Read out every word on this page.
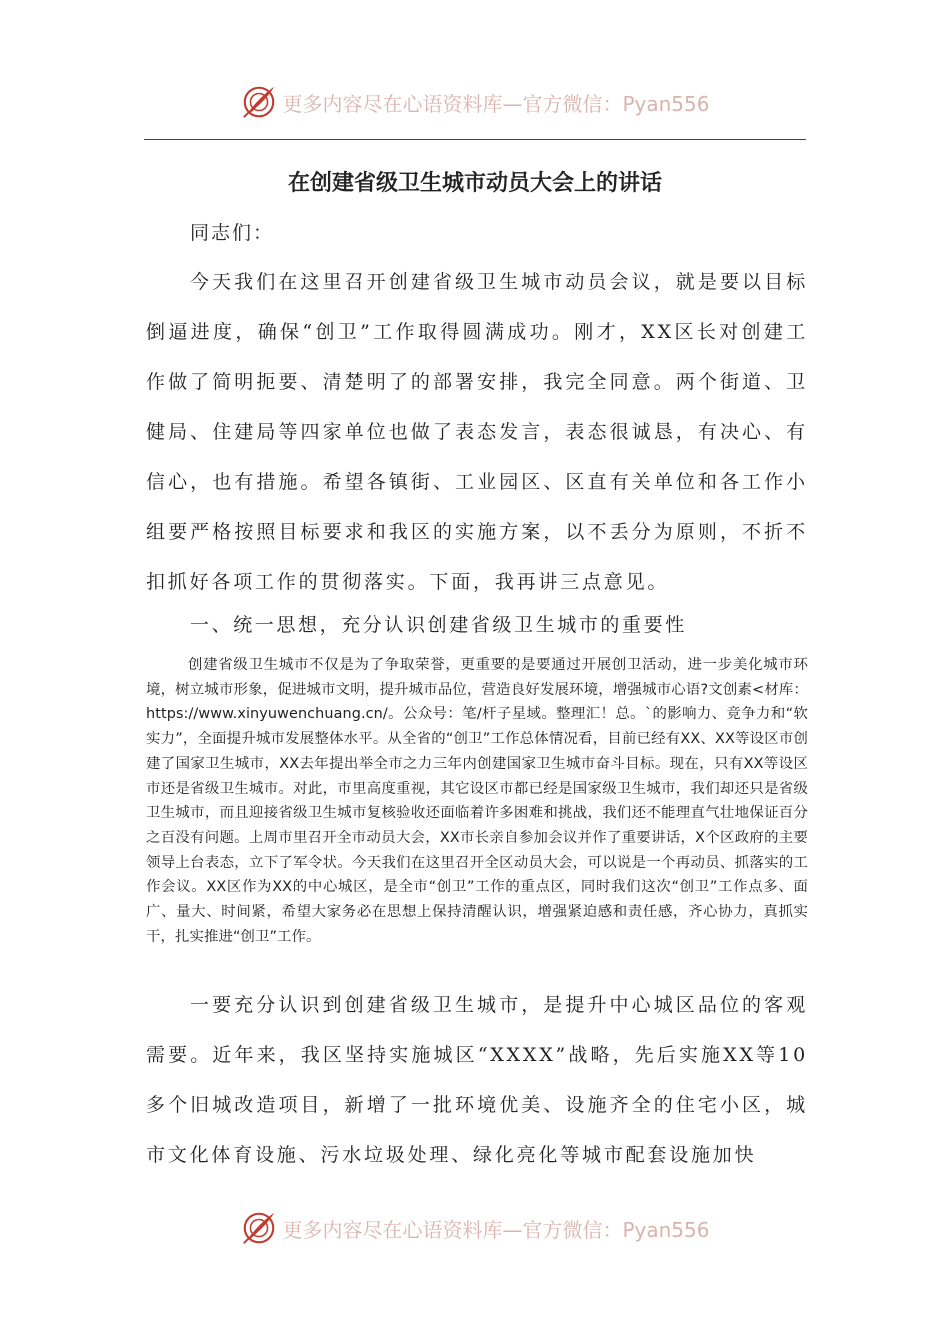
更多内容尽在心语资料库—官方微信：Pyan556
在创建省级卫生城市动员大会上的讲话
同志们：

今天我们在这里召开创建省级卫生城市动员会议，就是要以目标倒逼进度，确保“创卫”工作取得圆满成功。刚才，XX区长对创建工作做了简明扼要、清楚明了的部署安排，我完全同意。两个街道、卫健局、住建局等四家单位也做了表态发言，表态很诚恳，有决心、有信心，也有措施。希望各镇街、工业园区、区直有关单位和各工作小组要严格按照目标要求和我区的实施方案，以不丢分为原则，不折不扣抓好各项工作的贯彻落实。下面，我再讲三点意见。

一、统一思想，充分认识创建省级卫生城市的重要性

创建省级卫生城市不仅是为了争取荣誉，更重要的是要通过开展创卫活动，进一步美化城市环境，树立城市形象，促进城市文明，提升城市品位，营造良好发展环境，增强城市心语?文创素<材库：https://www.xinyuwenchuang.cn/。公众号：笔/杆子星域。整理汇！总。`的影响力、竞争力和“软实力”，全面提升城市发展整体水平。从全省的“创卫”工作总体情况看，目前已经有XX、XX等设区市创建了国家卫生城市，XX去年提出举全市之力三年内创建国家卫生城市奋斗目标。现在，只有XX等设区市还是省级卫生城市。对此，市里高度重视，其它设区市都已经是国家级卫生城市，我们却还只是省级卫生城市，而且迎接省级卫生城市复核验收还面临着许多困难和挑战，我们还不能理直气壮地保证百分之百没有问题。上周市里召开全市动员大会，XX市长亲自参加会议并作了重要讲话，X个区政府的主要领导上台表态，立下了军令状。今天我们在这里召开全区动员大会，可以说是一个再动员、抓落实的工作会议。XX区作为XX的中心城区，是全市“创卫”工作的重点区，同时我们这次“创卫”工作点多、面广、量大、时间紧，希望大家务必在思想上保持清醒认识，增强紧迫感和责任感，齐心协力，真抓实干，扎实推进“创卫”工作。

一要充分认识到创建省级卫生城市，是提升中心城区品位的客观需要。近年来，我区坚持实施城区“XXXX”战略，先后实施XX等10多个旧城改造项目，新增了一批环境优美、设施齐全的住宅小区，城市文化体育设施、污水垃圾处理、绿化亮化等城市配套设施加快

更多内容尽在心语资料库—官方微信：Pyan556
